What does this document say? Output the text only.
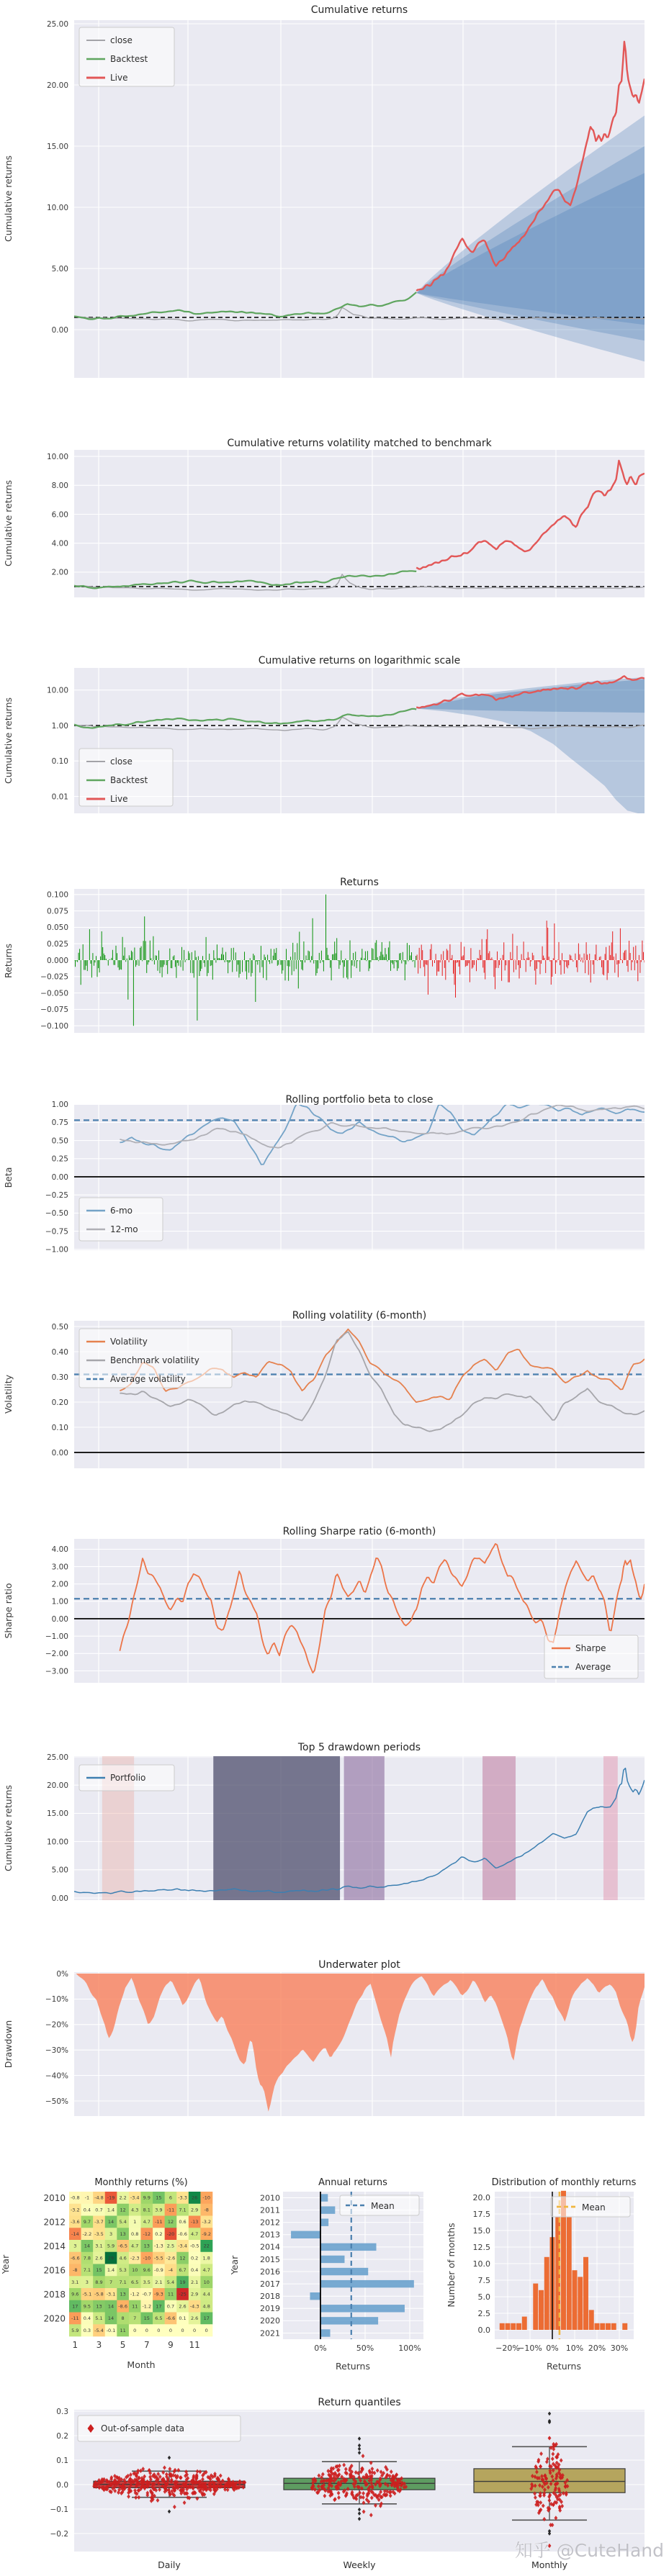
25.00
20.00
15.00
10.00
5.00
0.00
10.00
8.00
6.00
4.00
2.00
10.00
1.00
0.10
0.01
0.100
0.075
0.050
0.025
0.000
−0.025
−0.050
−0.075
−0.100
1.00
0.75
0.50
0.25
0.00
−0.25
−0.50
−0.75
−1.00
0.50
0.40
0.30
0.20
0.10
0.00
4.00
3.00
2.00
1.00
0.00
−1.00
−2.00
−3.00
25.00
20.00
15.00
10.00
5.00
0.00
0%
−10%
−20%
−30%
−40%
−50%
-0.8 -1 -4.8 -19 2.2 -3.4 9.9 15 6 -3.3 26 -10
-3.2 0.4 0.7 1.4 12 4.3 8.1 3.9 -11 7.1 2.9 -8
-3.6 9.7 -3.7 14 5.4 1 4.7 -11 12 0.6 -13 -3.2
-14 -2.2 -3.5 3 13 0.8 -12 0.2 -20 -0.6 4.7 -9.2
3 14 3.1 5.9 -6.5 4.7 13 -1.3 2.5 -3.4 -0.5 22
-6.6 7.8 2.6 29 4.6 -2.3 -10 -5.5 -2.6 12 0.2 1.8
-8 7.1 15 1.4 5.3 10 9.6 -0.9 -4 6.7 0.4 4.7
3.1 3 8.9 7 7.1 6.5 3.5 2.1 5.4 19 2.1 10
9.6 -5.1 -5.8 -3.1 13 -1.2 -0.7 -9.3 11 -25 2.9 4.4
17 9.5 13 14 -8.6 11 -1.2 17 0.7 2.6 -4.3 4.8
-11 0.4 5.1 14 8 7 15 6.5 -6.6 0.1 2.6 17
5.9 0.3 -5.4 -0.1 11 0 0 0 0 0 0 0
2010
2012
2014
2016
2018
2020
1 3 5 7 9 11
2010
2011
2012
2013
2014
2015
2016
2017
2018
2019
2020
2021
0%	50%	100%
20.0
17.5
15.0
12.5
10.0
7.5
5.0
2.5
0.0
−20%
−10% 0% 10% 20% 30%
0.3
0.2
0.1
0.0
−0.1
−0.2
Cumulative returns
Cumulative returns volatility matched to benchmark
Cumulative returns on logarithmic scale
Returns
Rolling portfolio beta to close
Rolling volatility (6-month)
Rolling Sharpe ratio (6-month)
Top 5 drawdown periods
Underwater plot
Monthly returns (%)	Annual returns	Distribution of monthly returns
Return quantiles
Cumulative returns
Cumulative returns
Cumulative returns
Returns
Beta
Volatility
Sharpe ratio
Cumulative returns
Drawdown
Year	Year	Number of months
Month	Returns	Returns
close
Backtest
Live
close
Backtest
Live
6-mo
12-mo
Volatility
Benchmark volatility
Average volatility
Sharpe
Average
Portfolio
Mean	Mean
Out-of-sample data
Daily	Weekly	Monthly
知乎 @CuteHand
